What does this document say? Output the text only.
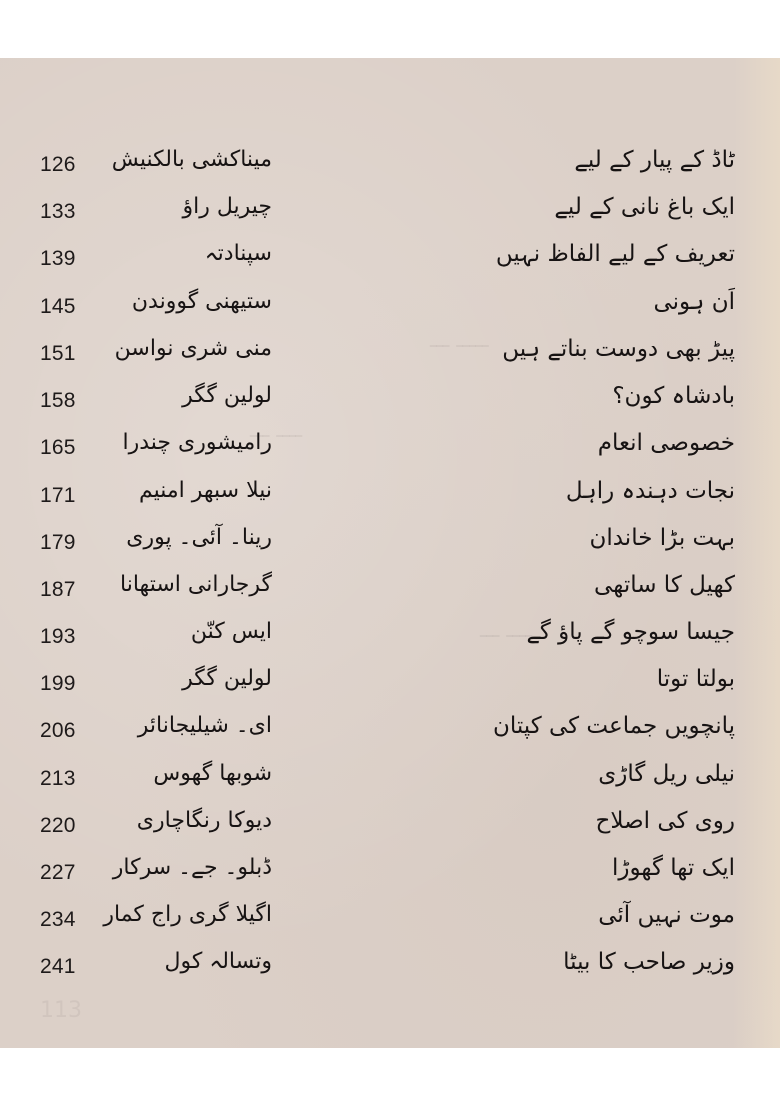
ـــــ ـــ
ــــ ـــ
ــــ ـــ
113
126	میناکشی بالکنیش	ٹاڈ کے پیار کے لیے
133	چیریل راؤ	ایک باغ نانی کے لیے
139	سپنادتہ	تعریف کے لیے الفاظ نہیں
145	ستیھنی گووندن	اَن ہونی
151	منی شری نواسن	پیڑ بھی دوست بناتے ہیں
158	لولین گگر	بادشاہ کون؟
165	رامیشوری چندرا	خصوصی انعام
171	نیلا سبھر امنیم	نجات دہندہ راہل
179	رینا۔ آئی۔ پوری	بہت بڑا خاندان
187	گرجارانی استھانا	کھیل کا ساتھی
193	ایس کنّن	جیسا سوچو گے پاؤ گے
199	لولین گگر	بولتا توتا
206	ای۔ شیلیجانائر	پانچویں جماعت کی کپتان
213	شوبھا گھوس	نیلی ریل گاڑی
220	دیوکا رنگاچاری	روی کی اصلاح
227	ڈبلو۔ جے۔ سرکار	ایک تھا گھوڑا
234	اگیلا گری راج کمار	موت نہیں آئی
241	وتسالہ کول	وزیر صاحب کا بیٹا
